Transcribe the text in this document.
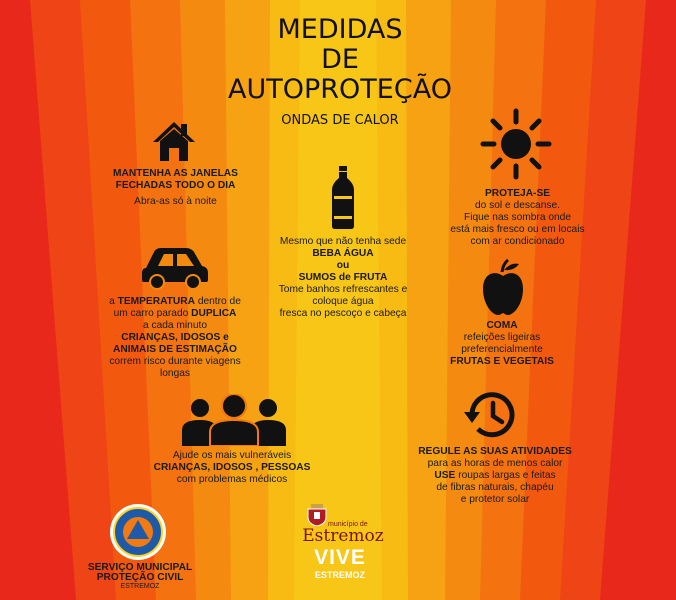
MEDIDAS
DE
AUTOPROTEÇÃO
ONDAS DE CALOR
MANTENHA AS JANELAS
FECHADAS TODO O DIA
Abra-as só à noite
Mesmo que não tenha sede
BEBA ÁGUA
ou
SUMOS de FRUTA
Tome banhos refrescantes e
coloque água
fresca no pescoço e cabeça
PROTEJA-SE
do sol e descanse.
Fique nas sombra onde
está mais fresco ou em locais
com ar condicionado
a TEMPERATURA dentro de
um carro parado DUPLICA
a cada minuto
CRIANÇAS, IDOSOS e
ANIMAIS DE ESTIMAÇÃO
correm risco durante viagens
longas
COMA
refeições ligeiras
preferencialmente
FRUTAS E VEGETAIS
Ajude os mais vulneráveis
CRIANÇAS, IDOSOS , PESSOAS
com problemas médicos
REGULE AS SUAS ATIVIDADES
para as horas de menos calor
USE roupas largas e feitas
de fibras naturais, chapéu
e protetor solar
SERVIÇO MUNICIPAL
PROTEÇÃO CIVIL
ESTREMOZ
município de
Estremoz
VIVE
ESTREMOZ
